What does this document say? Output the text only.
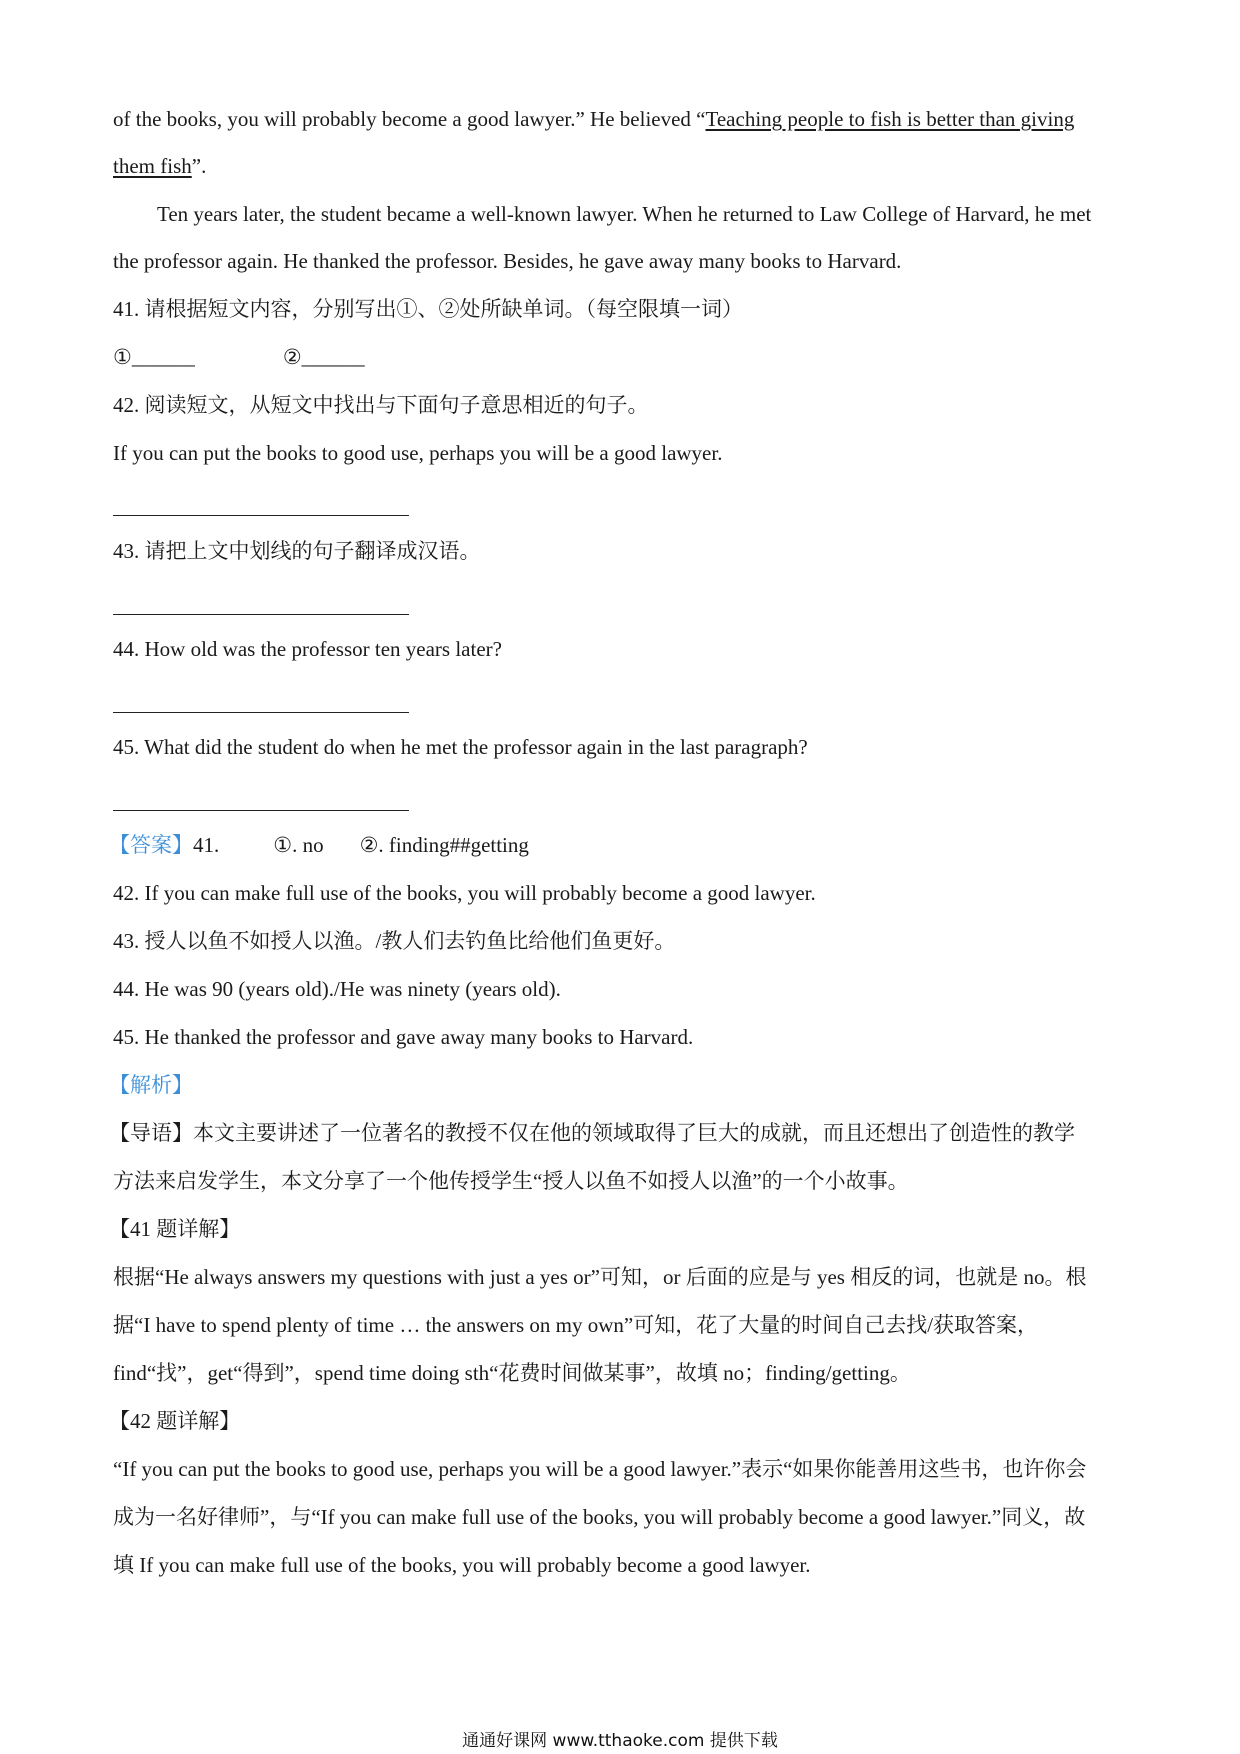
of the books, you will probably become a good lawyer.” He believed “Teaching people to fish is better than giving
them fish”.
Ten years later, the student became a well-known lawyer. When he returned to Law College of Harvard, he met
the professor again. He thanked the professor. Besides, he gave away many books to Harvard.
41. 请根据短文内容，分别写出①、②处所缺单词。（每空限填一词）
①______	②______
42. 阅读短文，从短文中找出与下面句子意思相近的句子。
If you can put the books to good use, perhaps you will be a good lawyer.
43. 请把上文中划线的句子翻译成汉语。
44. How old was the professor ten years later?
45. What did the student do when he met the professor again in the last paragraph?
【答案】41.	①. no ②. finding##getting
42. If you can make full use of the books, you will probably become a good lawyer.
43. 授人以鱼不如授人以渔。/教人们去钓鱼比给他们鱼更好。
44. He was 90 (years old)./He was ninety (years old).
45. He thanked the professor and gave away many books to Harvard.
【解析】
【导语】本文主要讲述了一位著名的教授不仅在他的领域取得了巨大的成就，而且还想出了创造性的教学
方法来启发学生，本文分享了一个他传授学生“授人以鱼不如授人以渔”的一个小故事。
【41 题详解】
根据“He always answers my questions with just a yes or”可知，or 后面的应是与 yes 相反的词，也就是 no。根
据“I have to spend plenty of time … the answers on my own”可知，花了大量的时间自己去找/获取答案，
find“找”，get“得到”，spend time doing sth“花费时间做某事”，故填 no；finding/getting。
【42 题详解】
“If you can put the books to good use, perhaps you will be a good lawyer.”表示“如果你能善用这些书，也许你会
成为一名好律师”，与“If you can make full use of the books, you will probably become a good lawyer.”同义，故
填 If you can make full use of the books, you will probably become a good lawyer.
通通好课网 www.tthaoke.com 提供下载
